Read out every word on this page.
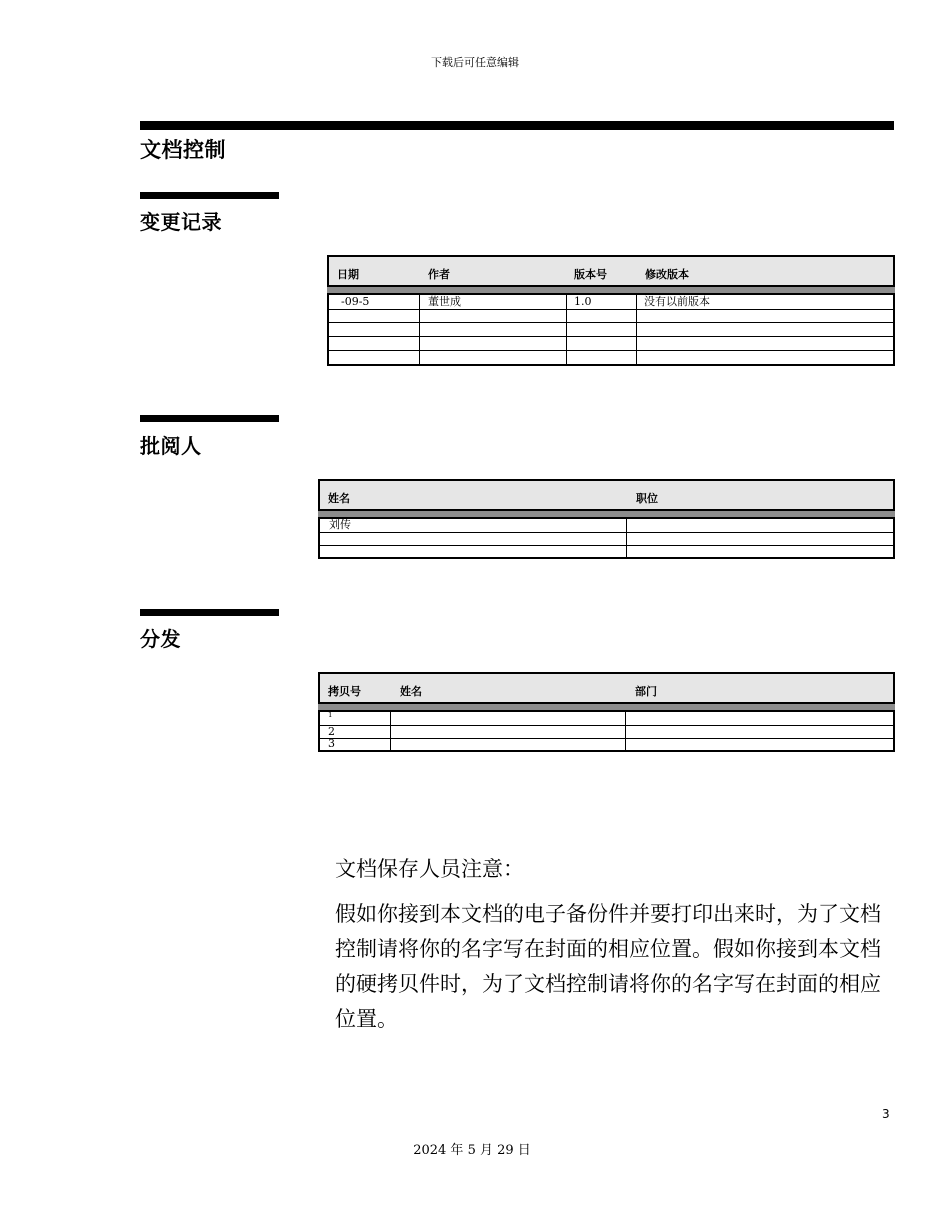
下载后可任意编辑
文档控制
变更记录
日期	作者	版本号	修改版本
-09-5	董世成	1.0	没有以前版本
批阅人
姓名	职位
刘传
分发
拷贝号	姓名	部门
1
2
3
文档保存人员注意：
假如你接到本文档的电子备份件并要打印出来时，为了文档控制请将你的名字写在封面的相应位置。假如你接到本文档的硬拷贝件时，为了文档控制请将你的名字写在封面的相应位置。
3
2024 年 5 月 29 日
